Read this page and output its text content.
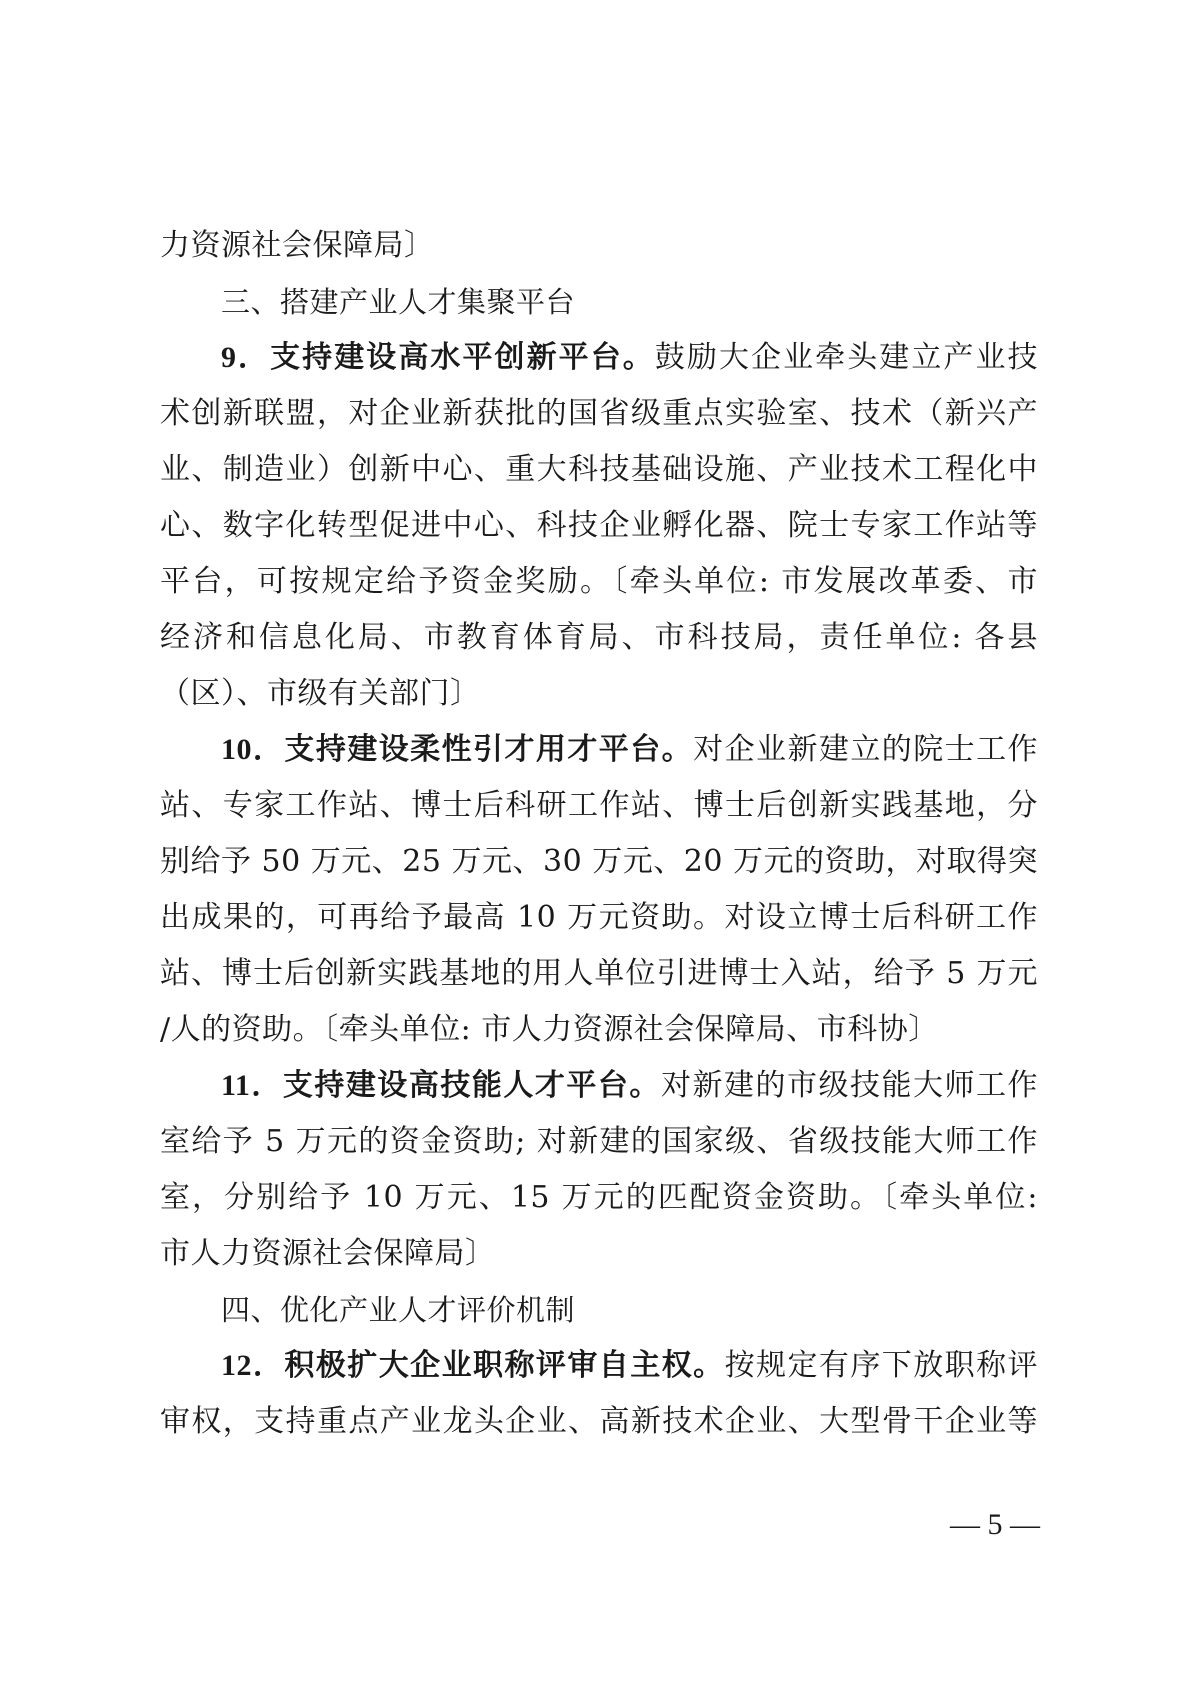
力资源社会保障局〕
三、搭建产业人才集聚平台
9．支持建设高水平创新平台。鼓励大企业牵头建立产业技
术创新联盟，对企业新获批的国省级重点实验室、技术（新兴产
业、制造业）创新中心、重大科技基础设施、产业技术工程化中
心、数字化转型促进中心、科技企业孵化器、院士专家工作站等
平台，可按规定给予资金奖励。〔牵头单位: 市发展改革委、市
经济和信息化局、市教育体育局、市科技局，责任单位: 各县
（区）、市级有关部门〕
10．支持建设柔性引才用才平台。对企业新建立的院士工作
站、专家工作站、博士后科研工作站、博士后创新实践基地，分
别给予 50 万元、25 万元、30 万元、20 万元的资助，对取得突
出成果的，可再给予最高 10 万元资助。对设立博士后科研工作
站、博士后创新实践基地的用人单位引进博士入站，给予 5 万元
/人的资助。〔牵头单位: 市人力资源社会保障局、市科协〕
11．支持建设高技能人才平台。对新建的市级技能大师工作
室给予 5 万元的资金资助; 对新建的国家级、省级技能大师工作
室，分别给予 10 万元、15 万元的匹配资金资助。〔牵头单位:
市人力资源社会保障局〕
四、优化产业人才评价机制
12．积极扩大企业职称评审自主权。按规定有序下放职称评
审权，支持重点产业龙头企业、高新技术企业、大型骨干企业等
— 5 —
